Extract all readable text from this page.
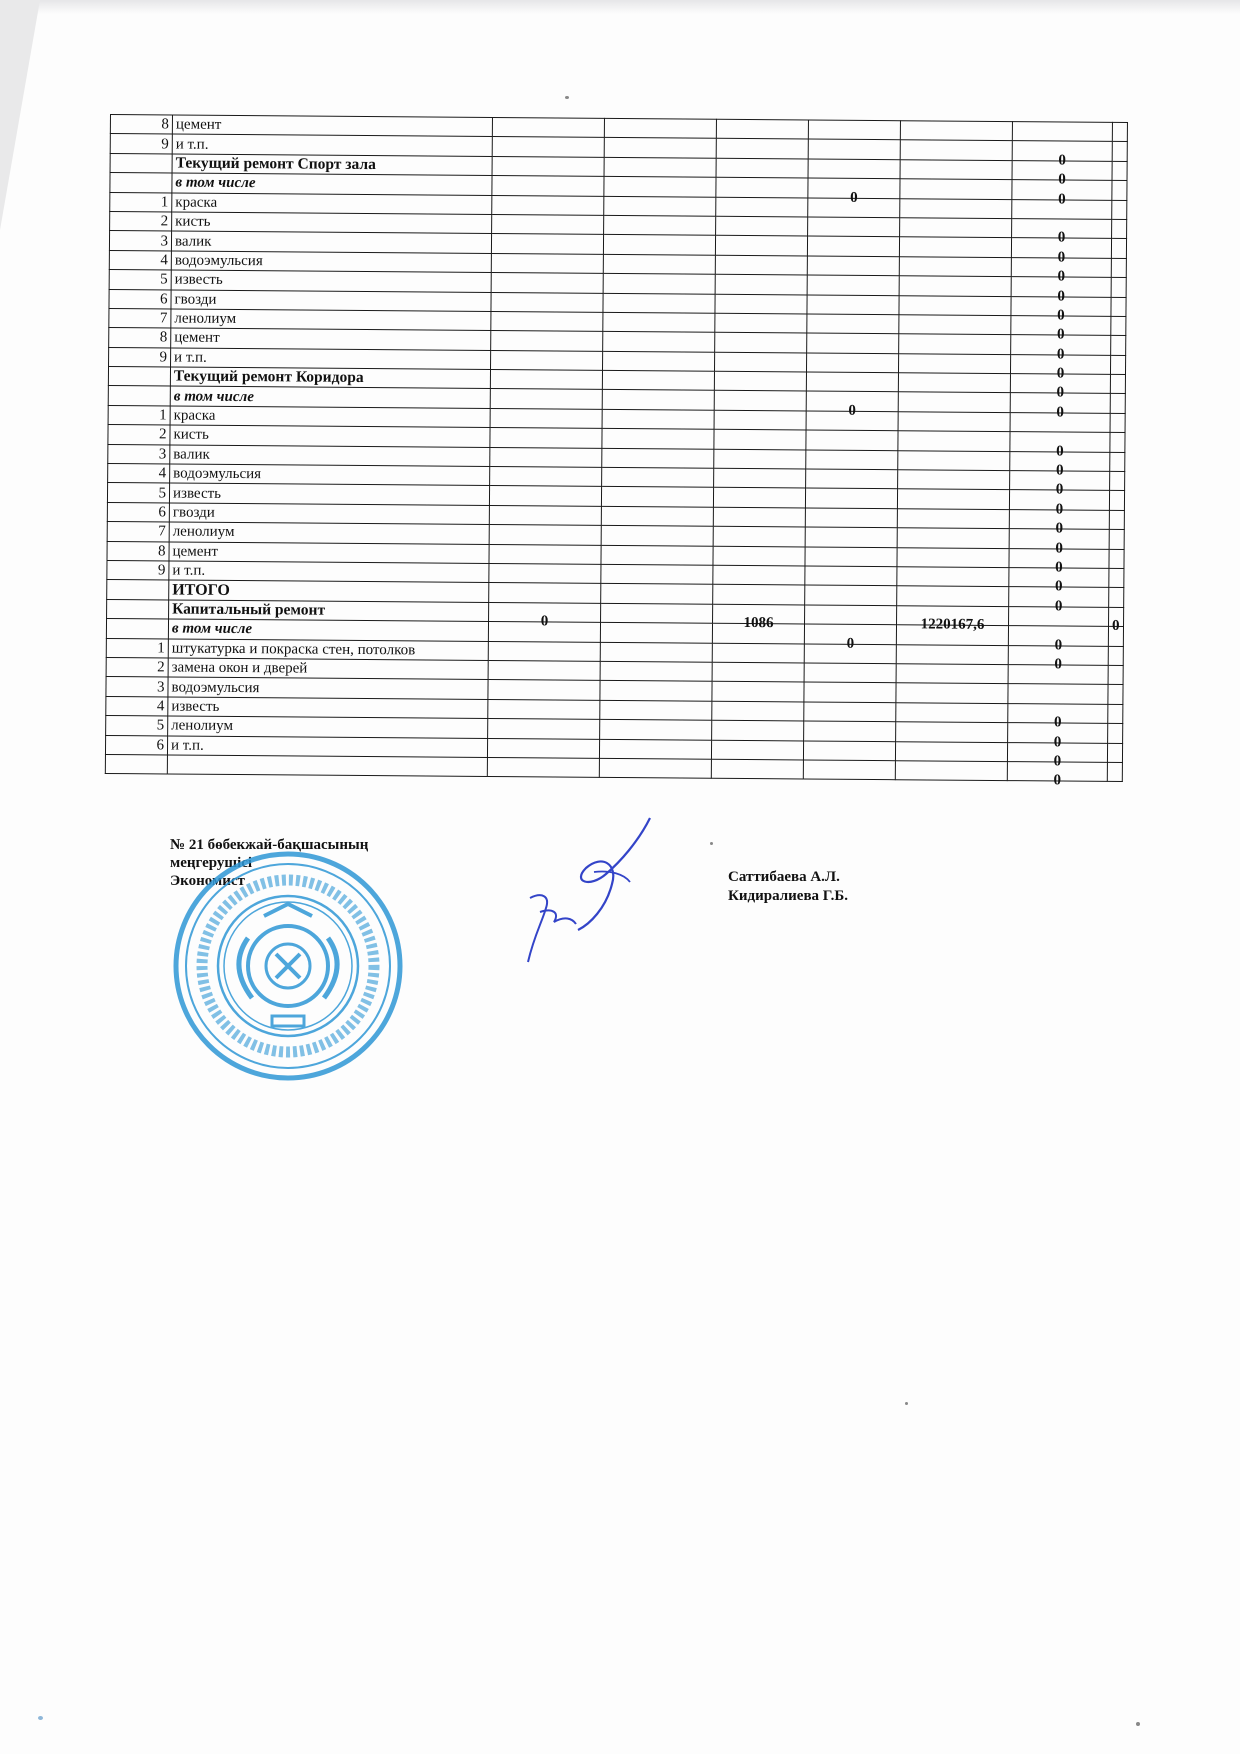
8	цемент							
9	и т.п.						0	
	Текущий ремонт Спорт зала						0	
	в том числе				0		0	
1	краска							
2	кисть						0	
3	валик						0	
4	водоэмульсия						0	
5	известь						0	
6	гвозди						0	
7	ленолиум						0	
8	цемент						0	
9	и т.п.						0	
	Текущий ремонт Коридора						0	
	в том числе				0		0	
1	краска							
2	кисть						0	
3	валик						0	
4	водоэмульсия						0	
5	известь						0	
6	гвозди						0	
7	ленолиум						0	
8	цемент						0	
9	и т.п.						0	
	ИТОГО						0	
	Капитальный ремонт	0		1086		1220167,6		0
	в том числе				0		0	
1	штукатурка и покраска стен, потолков						0	
2	замена окон и дверей							
3	водоэмульсия							
4	известь						0	
5	ленолиум						0	
6	и т.п.						0	
							0	
№ 21 бөбекжай-бақшасының
меңгерушісі
Экономист	Саттибаева А.Л.
Кидиралиева Г.Б.
